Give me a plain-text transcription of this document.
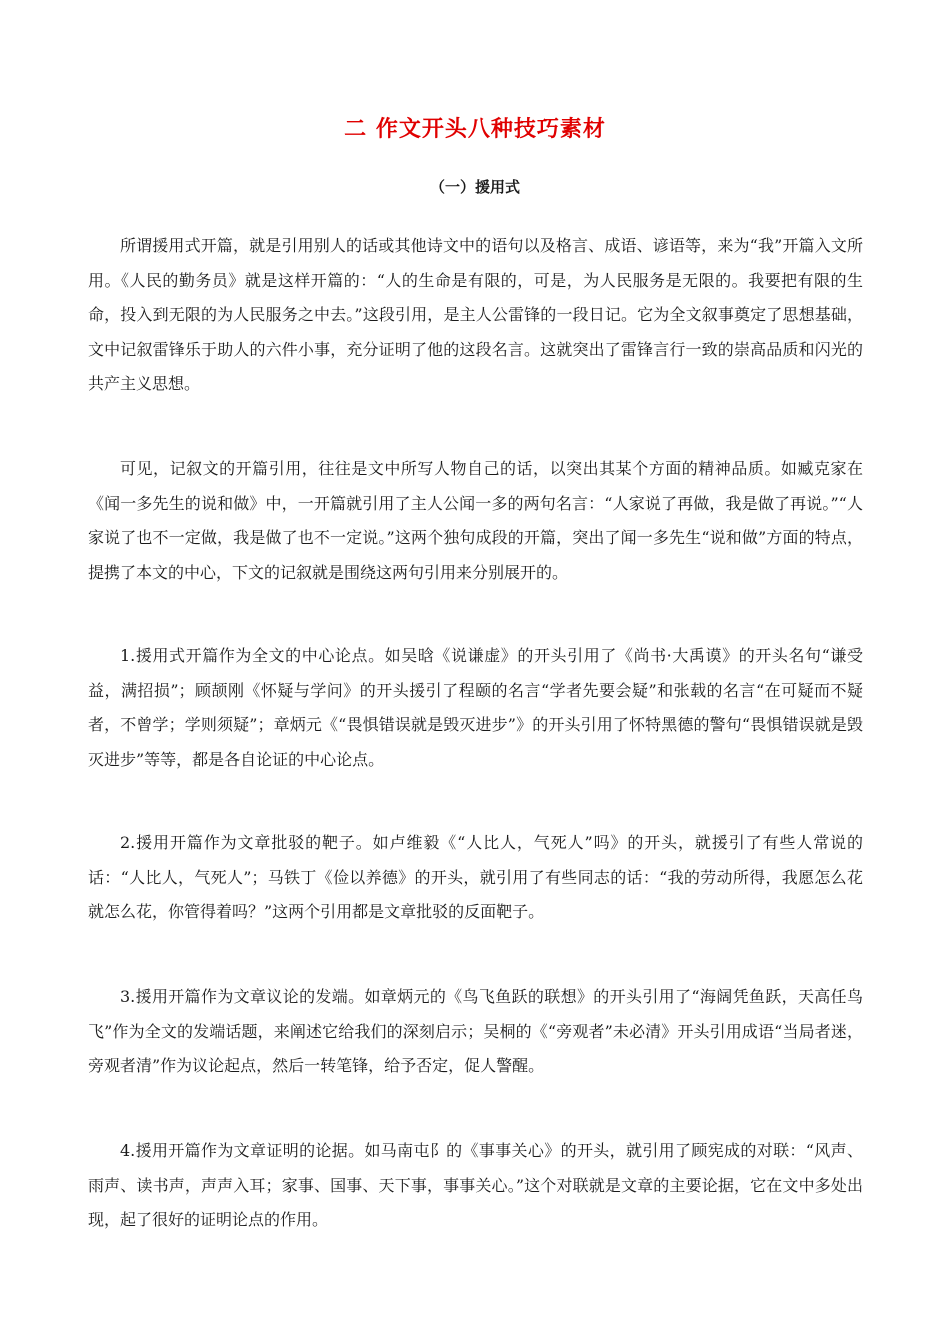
二 作文开头八种技巧素材
（一）援用式

所谓援用式开篇，就是引用别人的话或其他诗文中的语句以及格言、成语、谚语等，来为“我”开篇入文所用。《人民的勤务员》就是这样开篇的：“人的生命是有限的，可是，为人民服务是无限的。我要把有限的生命，投入到无限的为人民服务之中去。”这段引用，是主人公雷锋的一段日记。它为全文叙事奠定了思想基础，文中记叙雷锋乐于助人的六件小事，充分证明了他的这段名言。这就突出了雷锋言行一致的崇高品质和闪光的共产主义思想。

可见，记叙文的开篇引用，往往是文中所写人物自己的话，以突出其某个方面的精神品质。如臧克家在《闻一多先生的说和做》中，一开篇就引用了主人公闻一多的两句名言：“人家说了再做，我是做了再说。”“人家说了也不一定做，我是做了也不一定说。”这两个独句成段的开篇，突出了闻一多先生“说和做”方面的特点，提携了本文的中心，下文的记叙就是围绕这两句引用来分别展开的。

1.援用式开篇作为全文的中心论点。如吴晗《说谦虚》的开头引用了《尚书·大禹谟》的开头名句“谦受益，满招损”；顾颉刚《怀疑与学问》的开头援引了程颐的名言“学者先要会疑”和张载的名言“在可疑而不疑者，不曾学；学则须疑”；章炳元《“畏惧错误就是毁灭进步”》的开头引用了怀特黑德的警句“畏惧错误就是毁灭进步”等等，都是各自论证的中心论点。

2.援用开篇作为文章批驳的靶子。如卢维毅《“人比人，气死人”吗》的开头，就援引了有些人常说的话：“人比人，气死人”；马铁丁《俭以养德》的开头，就引用了有些同志的话：“我的劳动所得，我愿怎么花就怎么花，你管得着吗？”这两个引用都是文章批驳的反面靶子。

3.援用开篇作为文章议论的发端。如章炳元的《鸟飞鱼跃的联想》的开头引用了“海阔凭鱼跃，天高任鸟飞”作为全文的发端话题，来阐述它给我们的深刻启示；吴桐的《“旁观者”未必清》开头引用成语“当局者迷，旁观者清”作为议论起点，然后一转笔锋，给予否定，促人警醒。

4.援用开篇作为文章证明的论据。如马南屯阝的《事事关心》的开头，就引用了顾宪成的对联：“风声、雨声、读书声，声声入耳；家事、国事、天下事，事事关心。”这个对联就是文章的主要论据，它在文中多处出现，起了很好的证明论点的作用。
